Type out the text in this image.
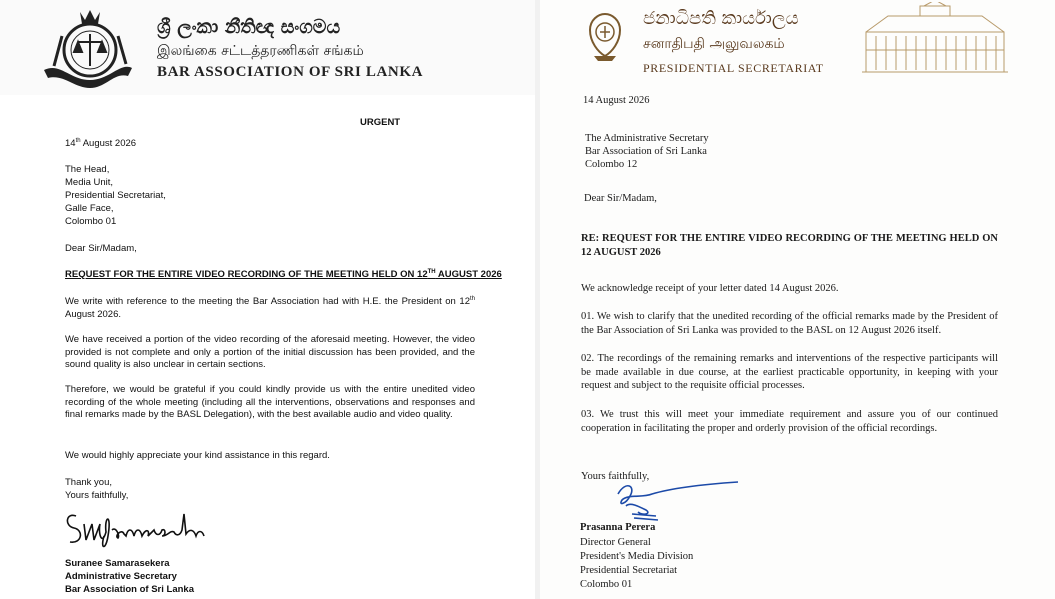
ශ්‍රී ලංකා නීතිඥ සංගමය
இலங்கை சட்டத்தரணிகள் சங்கம்
BAR ASSOCIATION OF SRI LANKA
URGENT
14th August 2026
The Head,
Media Unit,
Presidential Secretariat,
Galle Face,
Colombo 01
Dear Sir/Madam,
REQUEST FOR THE ENTIRE VIDEO RECORDING OF THE MEETING HELD ON 12TH AUGUST 2026
We write with reference to the meeting the Bar Association had with H.E. the President on 12th August 2026.
We have received a portion of the video recording of the aforesaid meeting. However, the video provided is not complete and only a portion of the initial discussion has been provided, and the sound quality is also unclear in certain sections.
Therefore, we would be grateful if you could kindly provide us with the entire unedited video recording of the whole meeting (including all the interventions, observations and responses and final remarks made by the BASL Delegation), with the best available audio and video quality.
We would highly appreciate your kind assistance in this regard.
Thank you,
Yours faithfully,
Suranee Samarasekera
Administrative Secretary
Bar Association of Sri Lanka
ජනාධිපති කාර්යාලය
சனாதிபதி அலுவலகம்
PRESIDENTIAL SECRETARIAT
14 August 2026
The Administrative Secretary
Bar Association of Sri Lanka
Colombo 12
Dear Sir/Madam,
RE: REQUEST FOR THE ENTIRE VIDEO RECORDING OF THE MEETING HELD ON 12 AUGUST 2026
We acknowledge receipt of your letter dated 14 August 2026.
01. We wish to clarify that the unedited recording of the official remarks made by the President of the Bar Association of Sri Lanka was provided to the BASL on 12 August 2026 itself.
02. The recordings of the remaining remarks and interventions of the respective participants will be made available in due course, at the earliest practicable opportunity, in keeping with your request and subject to the requisite official processes.
03. We trust this will meet your immediate requirement and assure you of our continued cooperation in facilitating the proper and orderly provision of the official recordings.
Yours faithfully,
Prasanna Perera
Director General
President's Media Division
Presidential Secretariat
Colombo 01
